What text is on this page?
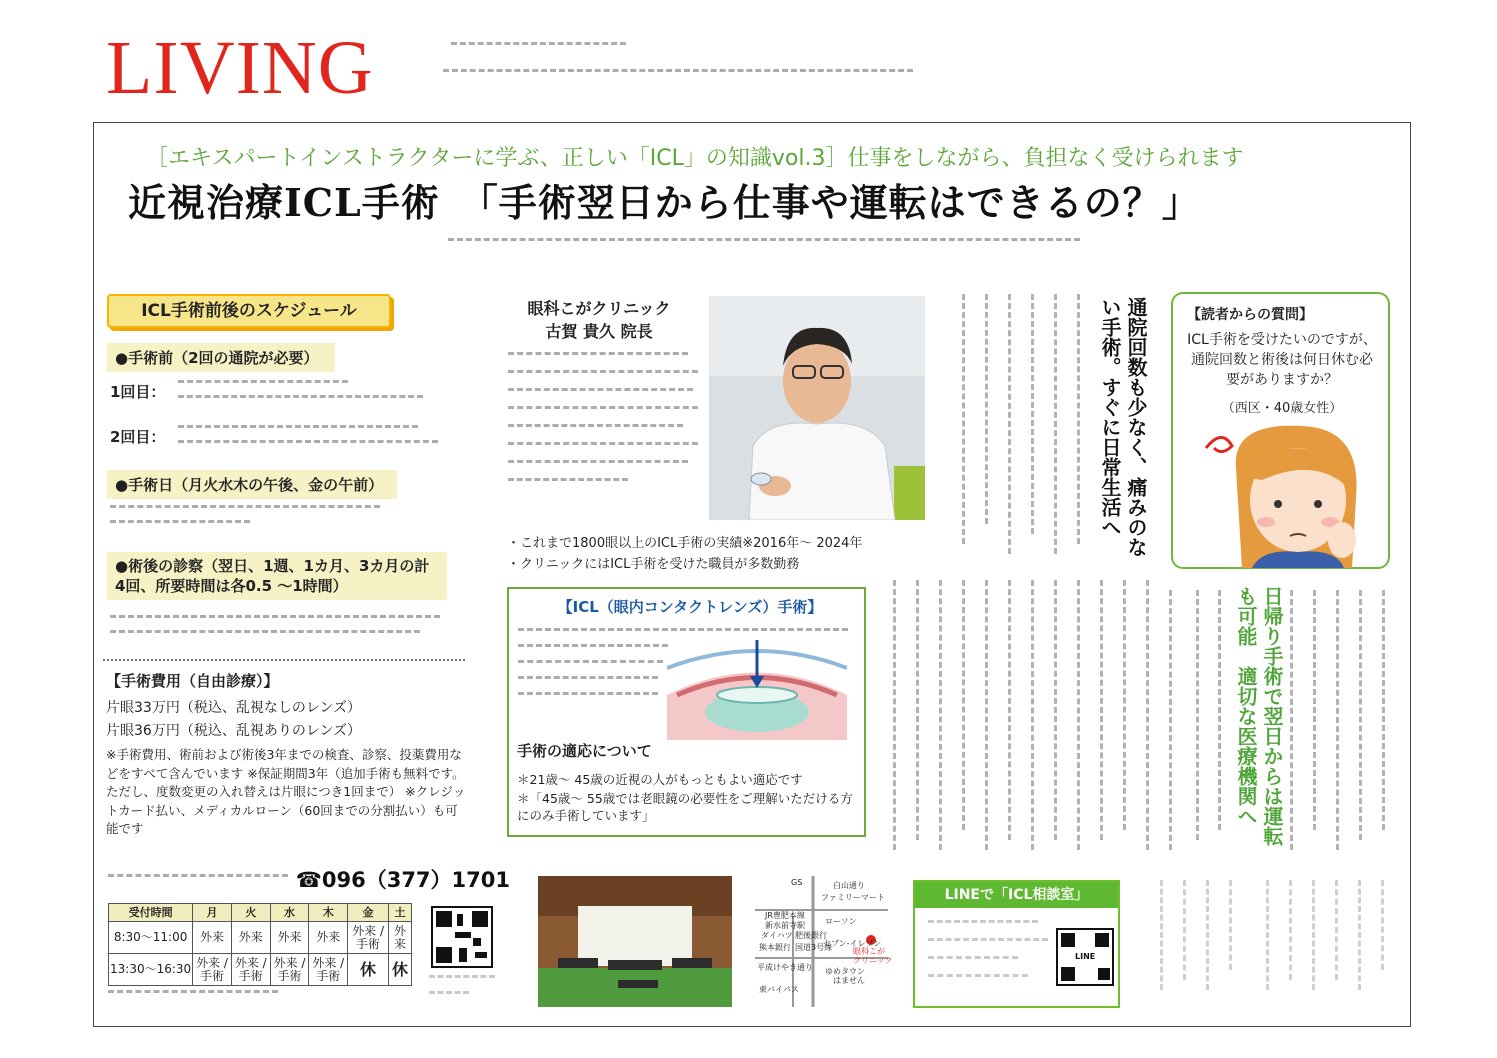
LIVING
［エキスパートインストラクターに学ぶ、正しい「ICL」の知識vol.3］仕事をしながら、負担なく受けられます
近視治療ICL手術　「手術翌日から仕事や運転はできるの？」
ICL手術前後のスケジュール
●手術前（2回の通院が必要）
1回目：
2回目：
●手術日（月火水木の午後、金の午前）
●術後の診察（翌日、1週、1カ月、3カ月の計4回、所要時間は各0.5 ～1時間）
【手術費用（自由診療）】
片眼33万円（税込、乱視なしのレンズ）
片眼36万円（税込、乱視ありのレンズ）
※手術費用、術前および術後3年までの検査、診察、投薬費用などをすべて含んでいます ※保証期間3年（追加手術も無料です。ただし、度数変更の入れ替えは片眼につき1回まで） ※クレジットカード払い、メディカルローン（60回までの分割払い）も可能です
☎096（377）1701
受付時間	月	火	水	木	金	土
8:30～11:00	外来	外来	外来	外来	外来 / 手術	外来
13:30～16:30	外来 / 手術	外来 / 手術	外来 / 手術	外来 / 手術	休	休
眼科こがクリニック
古賀 貴久 院長
・これまで1800眼以上のICL手術の実績※2016年～ 2024年
・クリニックにはICL手術を受けた職員が多数勤務
【ICL（眼内コンタクトレンズ）手術】
手術の適応について
＊21歳～ 45歳の近視の人がもっともよい適応です
＊「45歳～ 55歳では老眼鏡の必要性をご理解いただける方にのみ手術しています」
GS	白山通り
ファミリーマート
ローソン
JR豊肥本線
新水前寺駅
ダイハツ 肥後銀行
熊本銀行 国道3号線
セブン-イレブン
眼科こが
クリニック
平成けやき通り ゆめタウン
はません
東バイパス
LINEで「ICL相談室」
LINE
【読者からの質問】
ICL手術を受けたいのですが、通院回数と術後は何日休む必要がありますか？
（西区・40歳女性）
通院回数も少なく、痛みのない手術。すぐに日常生活へ
日帰り手術で翌日からは運転も可能　適切な医療機関へ
